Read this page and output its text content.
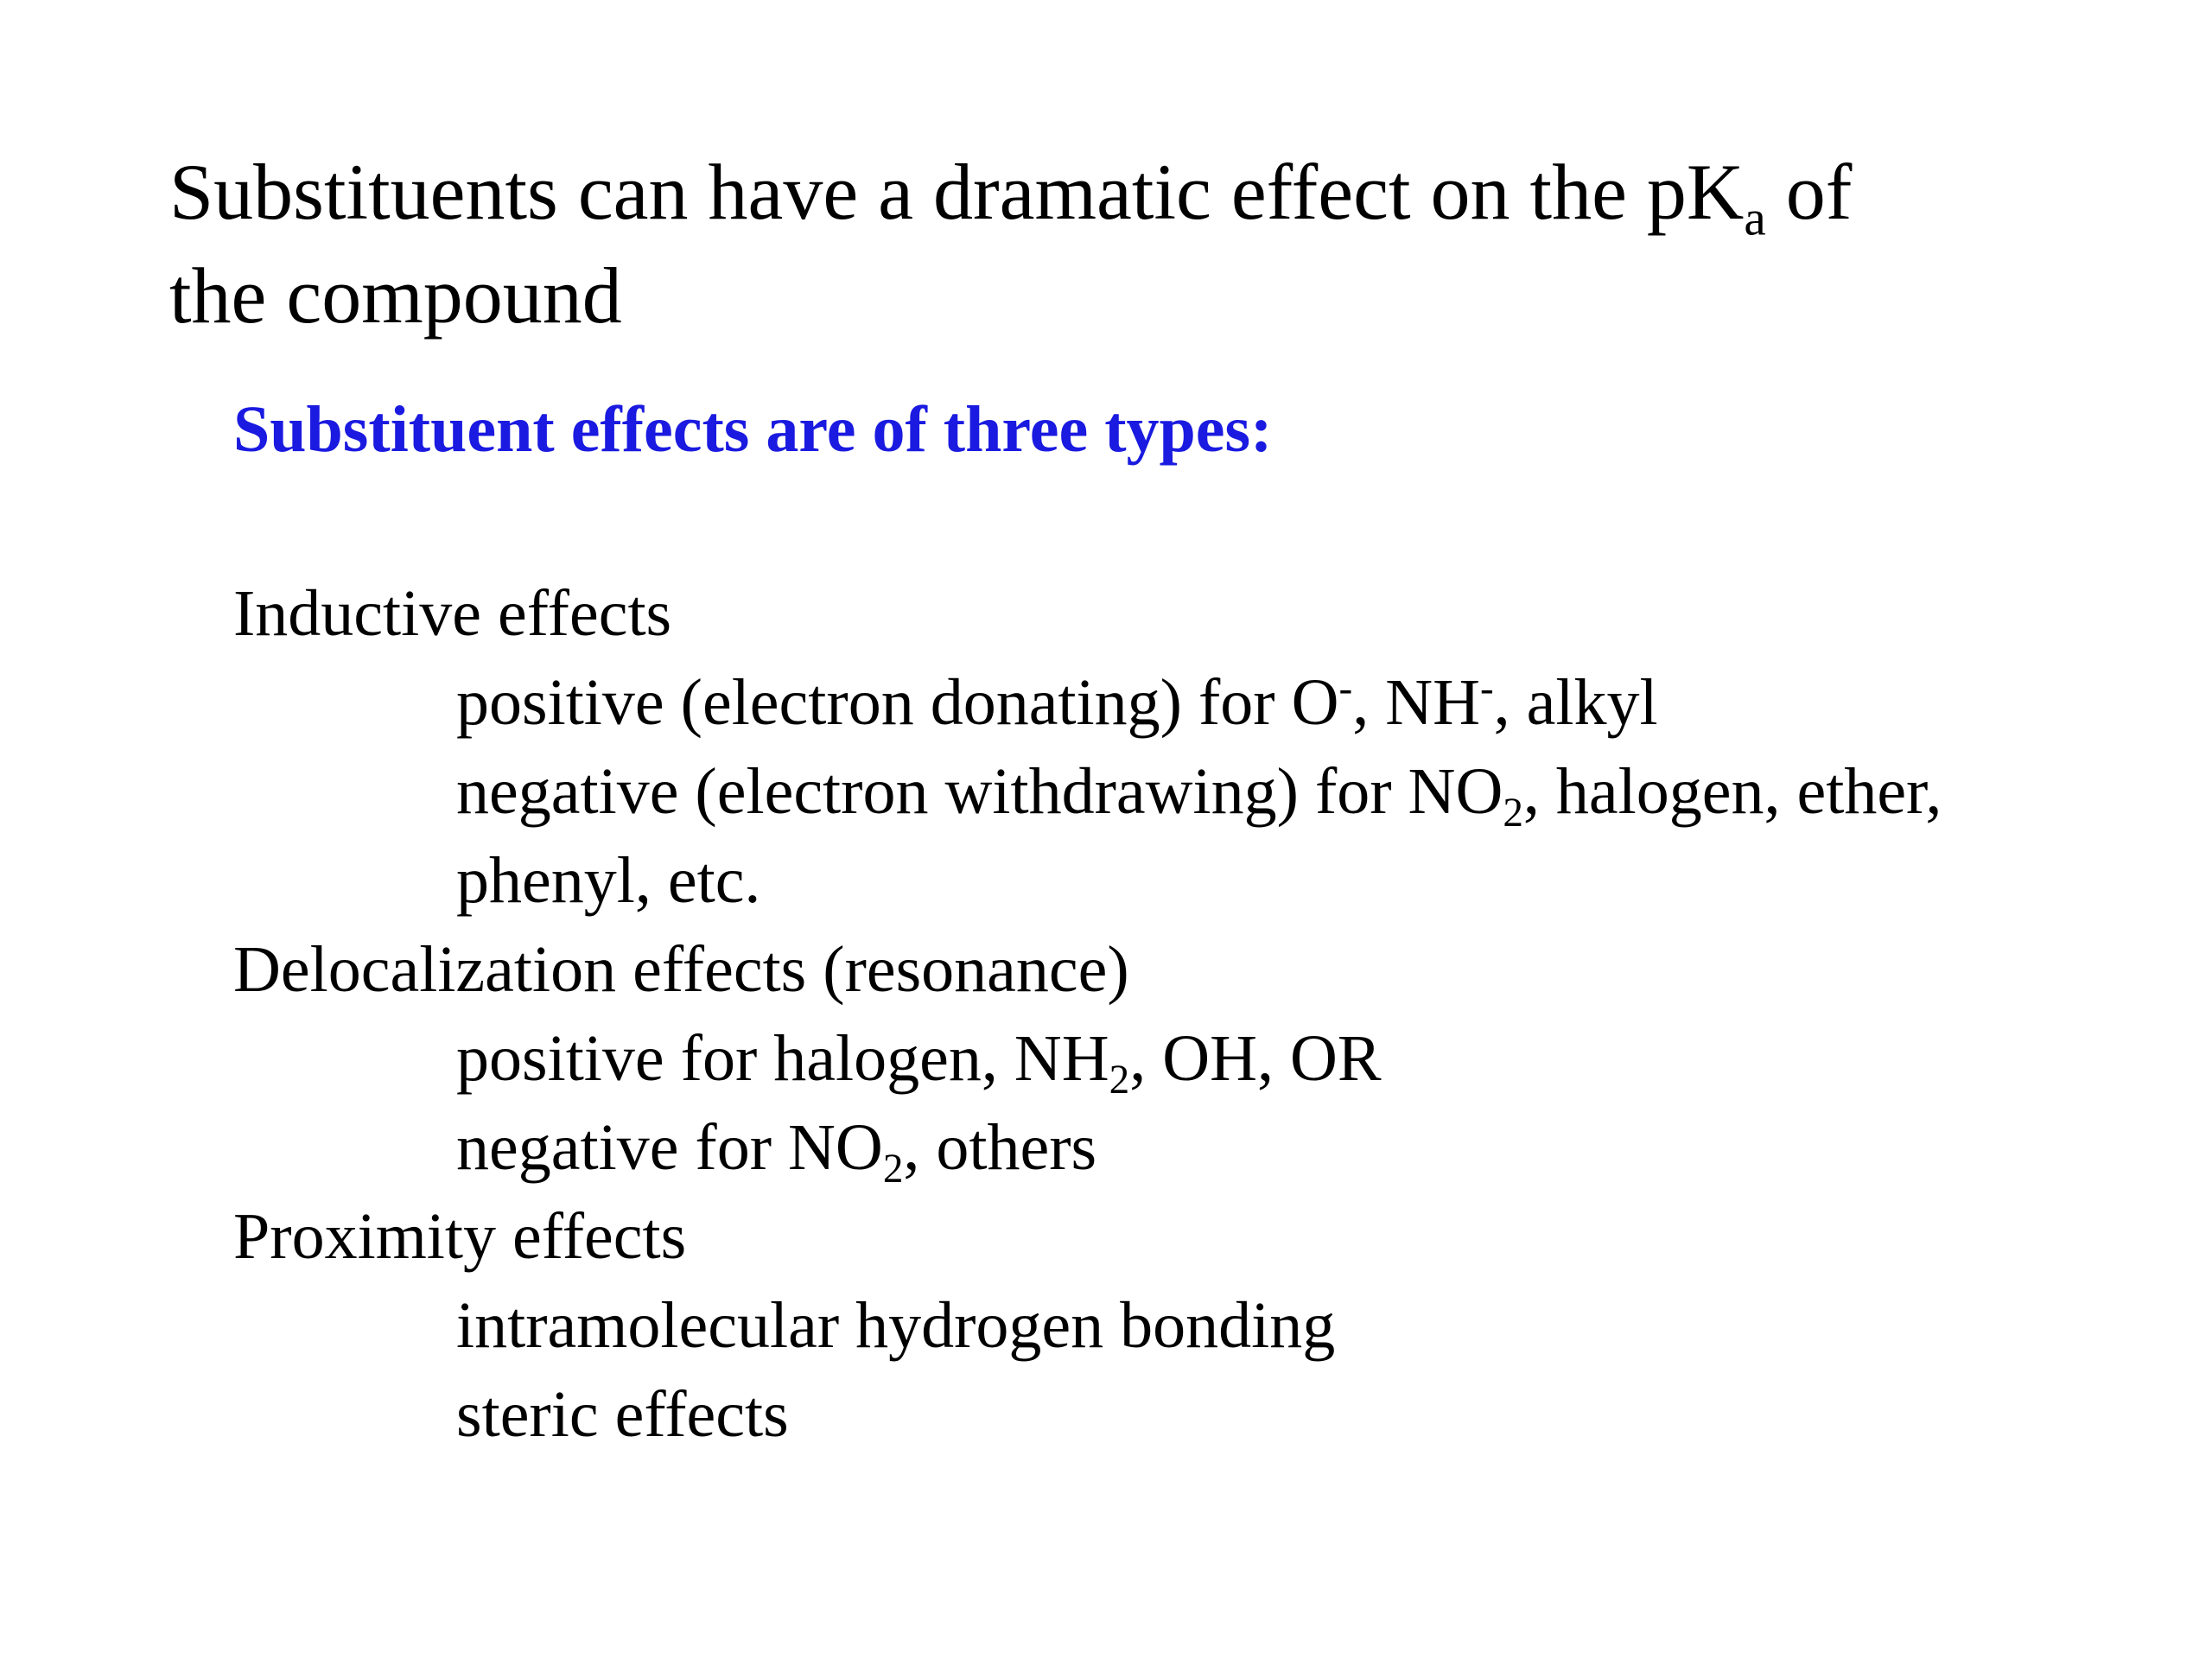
Substituents can have a dramatic effect on the $pK_a$ of
the compound

Substituent effects are of three types:

Inductive effects

positive (electron donating) for O-, NH-, alkyl

negative (electron withdrawing) for $NO_2$, halogen, ether,

phenyl, etc.

Delocalization effects (resonance)

positive for halogen, $NH_2$, OH, OR

negative for $NO_2$, others

Proximity effects

intramolecular hydrogen bonding

steric effects
